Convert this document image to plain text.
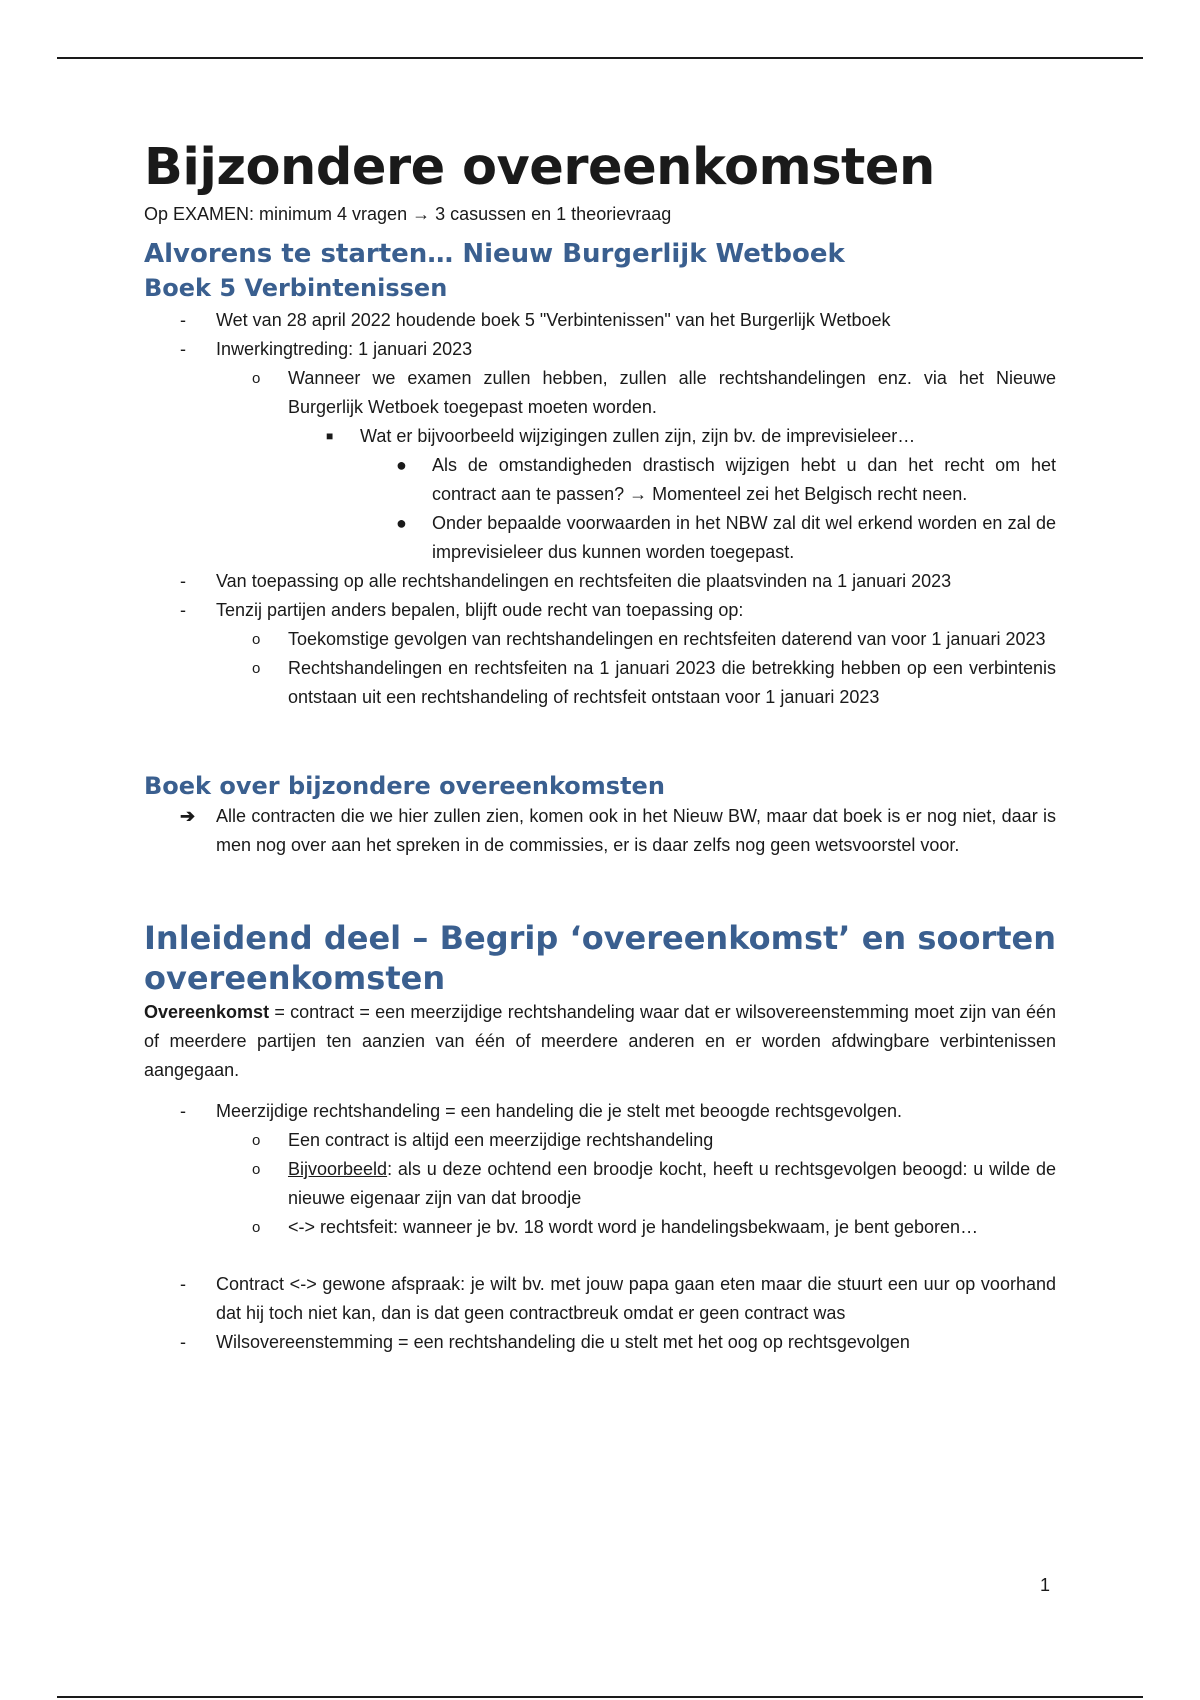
Bijzondere overeenkomsten

Op EXAMEN: minimum 4 vragen → 3 casussen en 1 theorievraag

Alvorens te starten… Nieuw Burgerlijk Wetboek
Boek 5 Verbintenissen
- Wet van 28 april 2022 houdende boek 5 "Verbintenissen" van het Burgerlijk Wetboek
- Inwerkingtreding: 1 januari 2023
o Wanneer we examen zullen hebben, zullen alle rechtshandelingen enz. via het Nieuwe Burgerlijk Wetboek toegepast moeten worden.
■ Wat er bijvoorbeeld wijzigingen zullen zijn, zijn bv. de imprevisieleer…
● Als de omstandigheden drastisch wijzigen hebt u dan het recht om het contract aan te passen? → Momenteel zei het Belgisch recht neen.
● Onder bepaalde voorwaarden in het NBW zal dit wel erkend worden en zal de imprevisieleer dus kunnen worden toegepast.
- Van toepassing op alle rechtshandelingen en rechtsfeiten die plaatsvinden na 1 januari 2023
- Tenzij partijen anders bepalen, blijft oude recht van toepassing op:
o Toekomstige gevolgen van rechtshandelingen en rechtsfeiten daterend van voor 1 januari 2023
o Rechtshandelingen en rechtsfeiten na 1 januari 2023 die betrekking hebben op een verbintenis ontstaan uit een rechtshandeling of rechtsfeit ontstaan voor 1 januari 2023
Boek over bijzondere overeenkomsten
➔ Alle contracten die we hier zullen zien, komen ook in het Nieuw BW, maar dat boek is er nog niet, daar is men nog over aan het spreken in de commissies, er is daar zelfs nog geen wetsvoorstel voor.
Inleidend deel – Begrip ‘overeenkomst’ en soorten overeenkomsten

Overeenkomst = contract = een meerzijdige rechtshandeling waar dat er wilsovereenstemming moet zijn van één of meerdere partijen ten aanzien van één of meerdere anderen en er worden afdwingbare verbintenissen aangegaan.

- Meerzijdige rechtshandeling = een handeling die je stelt met beoogde rechtsgevolgen.
o Een contract is altijd een meerzijdige rechtshandeling
o Bijvoorbeeld: als u deze ochtend een broodje kocht, heeft u rechtsgevolgen beoogd: u wilde de nieuwe eigenaar zijn van dat broodje
o <-> rechtsfeit: wanneer je bv. 18 wordt word je handelingsbekwaam, je bent geboren…
- Contract <-> gewone afspraak: je wilt bv. met jouw papa gaan eten maar die stuurt een uur op voorhand dat hij toch niet kan, dan is dat geen contractbreuk omdat er geen contract was
- Wilsovereenstemming = een rechtshandeling die u stelt met het oog op rechtsgevolgen
1
